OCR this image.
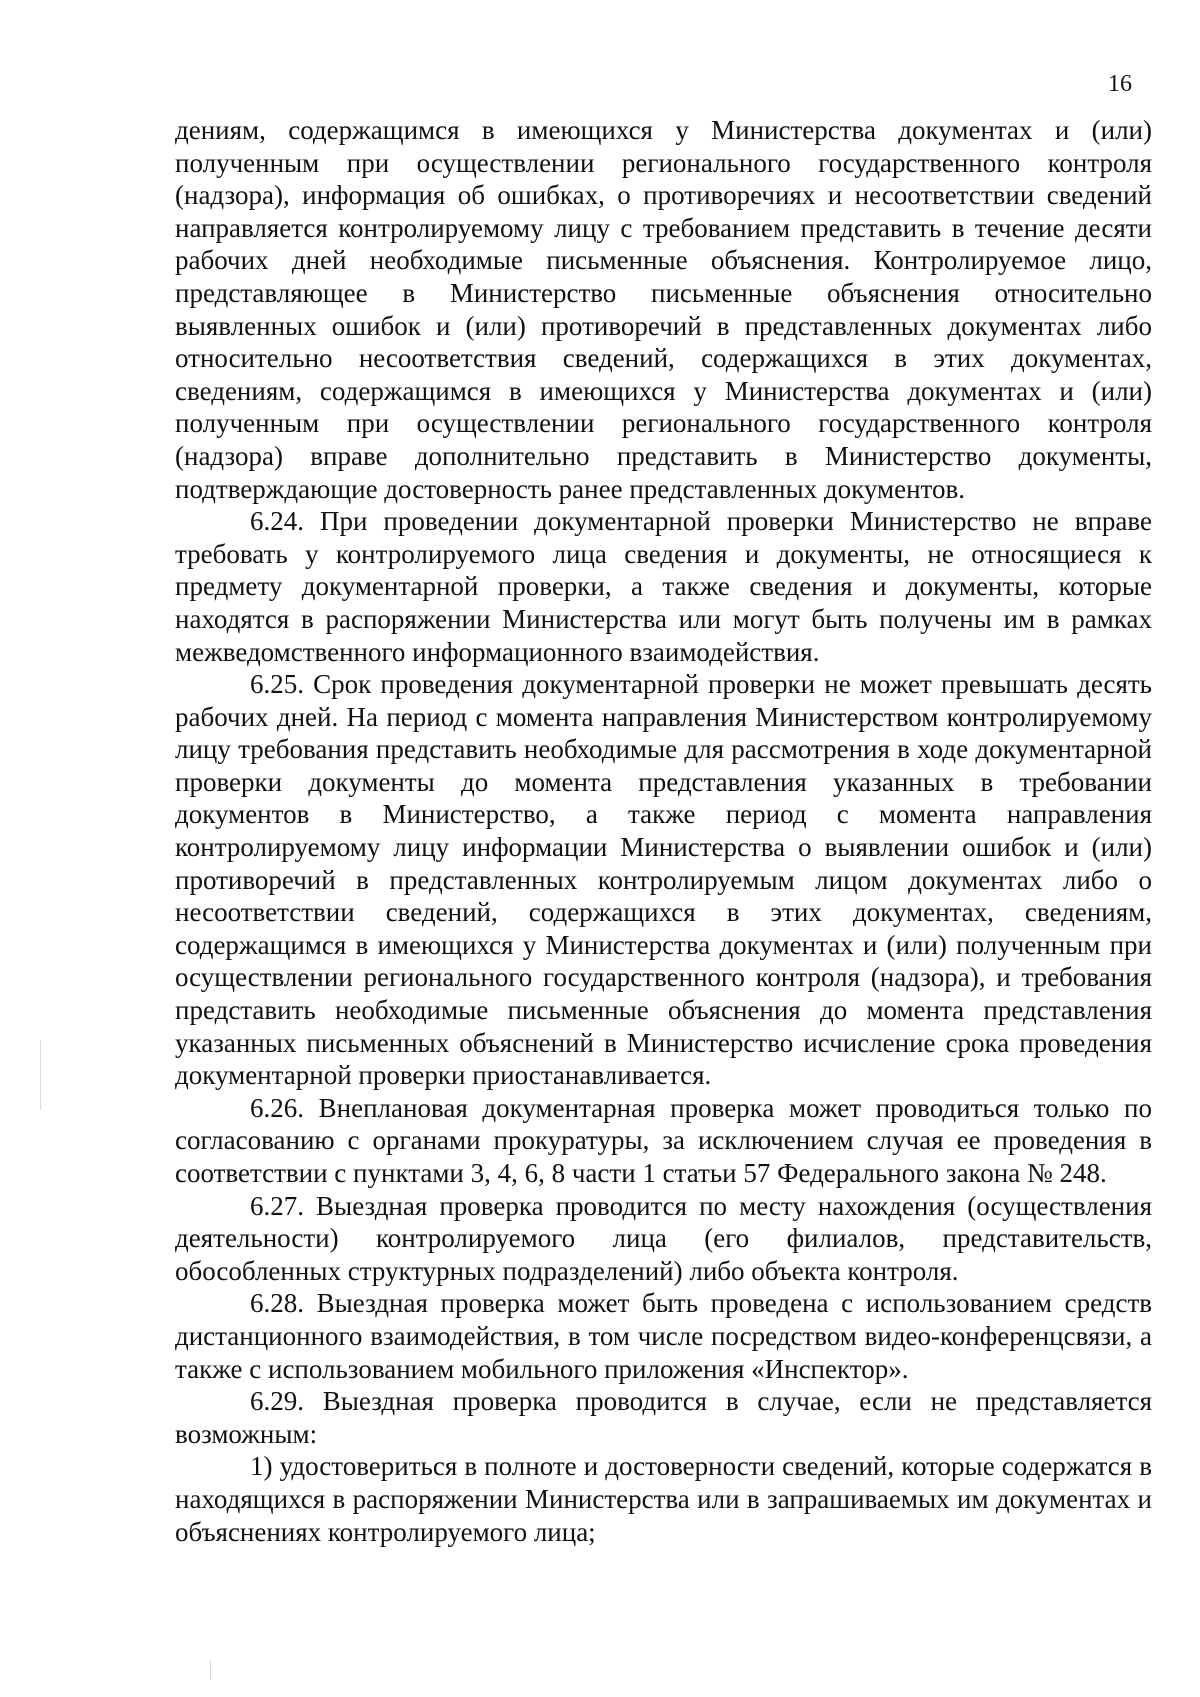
16

дениям, содержащимся в имеющихся у Министерства документах и (или) полученным при осуществлении регионального государственного контроля (надзора), информация об ошибках, о противоречиях и несоответствии сведений направляется контролируемому лицу с требованием представить в течение десяти рабочих дней необходимые письменные объяснения. Контролируемое лицо, представляющее в Министерство письменные объяснения относительно выявленных ошибок и (или) противоречий в представленных документах либо относительно несоответствия сведений, содержащихся в этих документах, сведениям, содержащимся в имеющихся у Министерства документах и (или) полученным при осуществлении регионального государственного контроля (надзора) вправе дополнительно представить в Министерство документы, подтверждающие достоверность ранее представленных документов.

6.24. При проведении документарной проверки Министерство не вправе требовать у контролируемого лица сведения и документы, не относящиеся к предмету документарной проверки, а также сведения и документы, которые находятся в распоряжении Министерства или могут быть получены им в рамках межведомственного информационного взаимодействия.

6.25. Срок проведения документарной проверки не может превышать десять рабочих дней. На период с момента направления Министерством контролируемому лицу требования представить необходимые для рассмотрения в ходе документарной проверки документы до момента представления указанных в требовании документов в Министерство, а также период с момента направления контролируемому лицу информации Министерства о выявлении ошибок и (или) противоречий в представленных контролируемым лицом документах либо о несоответствии сведений, содержащихся в этих документах, сведениям, содержащимся в имеющихся у Министерства документах и (или) полученным при осуществлении регионального государственного контроля (надзора), и требования представить необходимые письменные объяснения до момента представления указанных письменных объяснений в Министерство исчисление срока проведения документарной проверки приостанавливается.

6.26. Внеплановая документарная проверка может проводиться только по согласованию с органами прокуратуры, за исключением случая ее проведения в соответствии с пунктами 3, 4, 6, 8 части 1 статьи 57 Федерального закона № 248.

6.27. Выездная проверка проводится по месту нахождения (осуществления деятельности) контролируемого лица (его филиалов, представительств, обособленных структурных подразделений) либо объекта контроля.

6.28. Выездная проверка может быть проведена с использованием средств дистанционного взаимодействия, в том числе посредством видео-конференцсвязи, а также с использованием мобильного приложения «Инспектор».

6.29. Выездная проверка проводится в случае, если не представляется возможным:

1) удостовериться в полноте и достоверности сведений, которые содержатся в находящихся в распоряжении Министерства или в запрашиваемых им документах и объяснениях контролируемого лица;
